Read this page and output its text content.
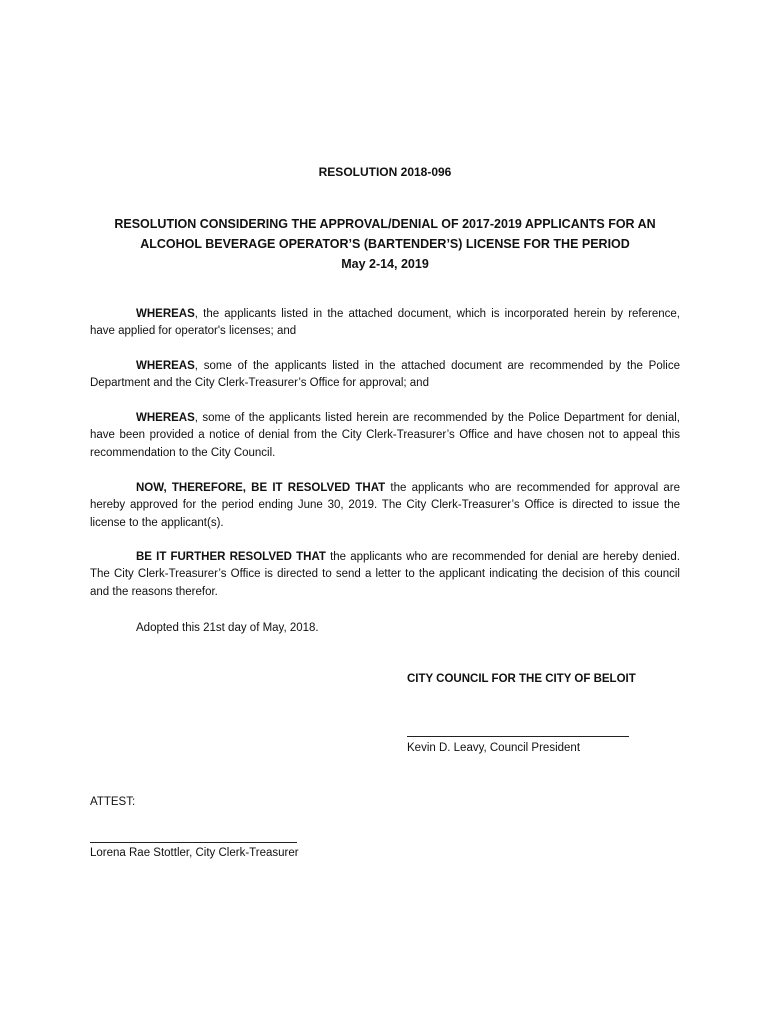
RESOLUTION 2018-096
RESOLUTION CONSIDERING THE APPROVAL/DENIAL OF 2017-2019 APPLICANTS FOR AN
ALCOHOL BEVERAGE OPERATOR’S (BARTENDER’S) LICENSE FOR THE PERIOD
May 2-14, 2019

WHEREAS, the applicants listed in the attached document, which is incorporated herein by reference, have applied for operator's licenses; and

WHEREAS, some of the applicants listed in the attached document are recommended by the Police Department and the City Clerk-Treasurer’s Office for approval; and

WHEREAS, some of the applicants listed herein are recommended by the Police Department for denial, have been provided a notice of denial from the City Clerk-Treasurer’s Office and have chosen not to appeal this recommendation to the City Council.

NOW, THEREFORE, BE IT RESOLVED THAT the applicants who are recommended for approval are hereby approved for the period ending June 30, 2019. The City Clerk-Treasurer’s Office is directed to issue the license to the applicant(s).

BE IT FURTHER RESOLVED THAT the applicants who are recommended for denial are hereby denied. The City Clerk-Treasurer’s Office is directed to send a letter to the applicant indicating the decision of this council and the reasons therefor.

Adopted this 21st day of May, 2018.
CITY COUNCIL FOR THE CITY OF BELOIT
Kevin D. Leavy, Council President
ATTEST:
Lorena Rae Stottler, City Clerk-Treasurer
